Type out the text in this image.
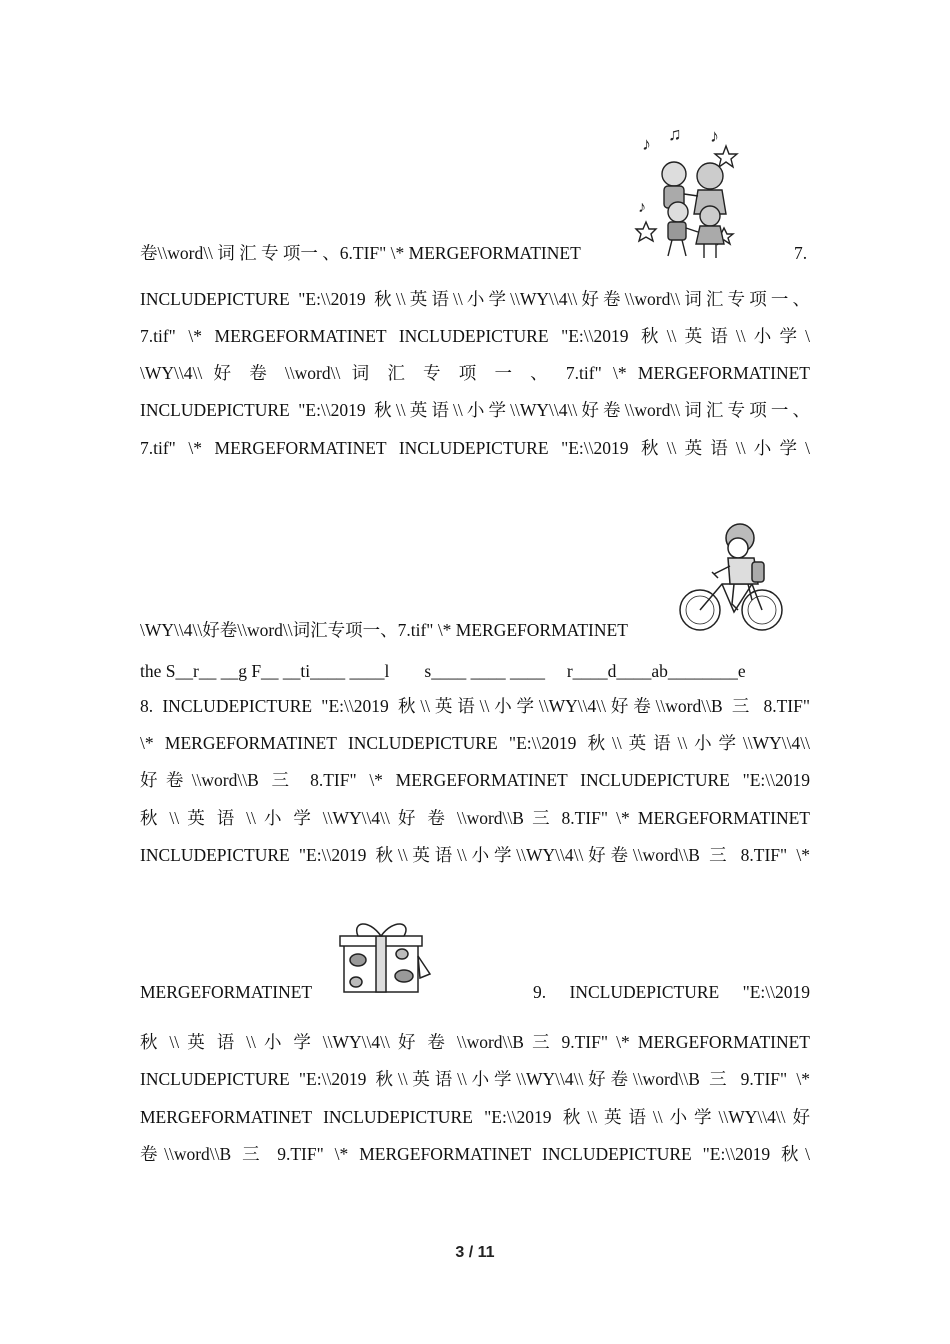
卷\\word\\ 词 汇 专 项一 、6.TIF" \* MERGEFORMATINET	7.
♪ ♫ ♪
♪
INCLUDEPICTURE "E:\\2019 秋\\英语\\小学\\WY\\4\\好卷\\word\\词汇专项一、
7.tif" \* MERGEFORMATINET INCLUDEPICTURE "E:\\2019 秋\\英语\\小学\
\WY\\4\\ 好 卷 \\word\\ 词 汇 专 项 一 、 7.tif" \* MERGEFORMATINET
INCLUDEPICTURE "E:\\2019 秋\\英语\\小学\\WY\\4\\好卷\\word\\词汇专项一、
7.tif" \* MERGEFORMATINET INCLUDEPICTURE "E:\\2019 秋\\英语\\小学\
\WY\\4\\好卷\\word\\词汇专项一、7.tif" \* MERGEFORMATINET
the S__r__ __g F__ __ti____ ____l        s____ ____ ____     r____d____ab________e
8. INCLUDEPICTURE "E:\\2019 秋\\英语\\小学\\WY\\4\\好卷\\word\\B 三 8.TIF"
\* MERGEFORMATINET INCLUDEPICTURE "E:\\2019 秋\\英语\\小学\\WY\\4\\
好卷\\word\\B 三 8.TIF" \* MERGEFORMATINET INCLUDEPICTURE "E:\\2019
秋 \\ 英 语 \\ 小 学 \\WY\\4\\ 好 卷 \\word\\B 三 8.TIF" \* MERGEFORMATINET
INCLUDEPICTURE "E:\\2019 秋\\英语\\小学\\WY\\4\\好卷\\word\\B 三 8.TIF" \*
MERGEFORMATINET	9. INCLUDEPICTURE "E:\\2019
秋 \\ 英 语 \\ 小 学 \\WY\\4\\ 好 卷 \\word\\B 三 9.TIF" \* MERGEFORMATINET
INCLUDEPICTURE "E:\\2019 秋\\英语\\小学\\WY\\4\\好卷\\word\\B 三 9.TIF" \*
MERGEFORMATINET INCLUDEPICTURE "E:\\2019 秋\\英语\\小学\\WY\\4\\好
卷\\word\\B 三 9.TIF" \* MERGEFORMATINET INCLUDEPICTURE "E:\\2019 秋\
3 / 11
